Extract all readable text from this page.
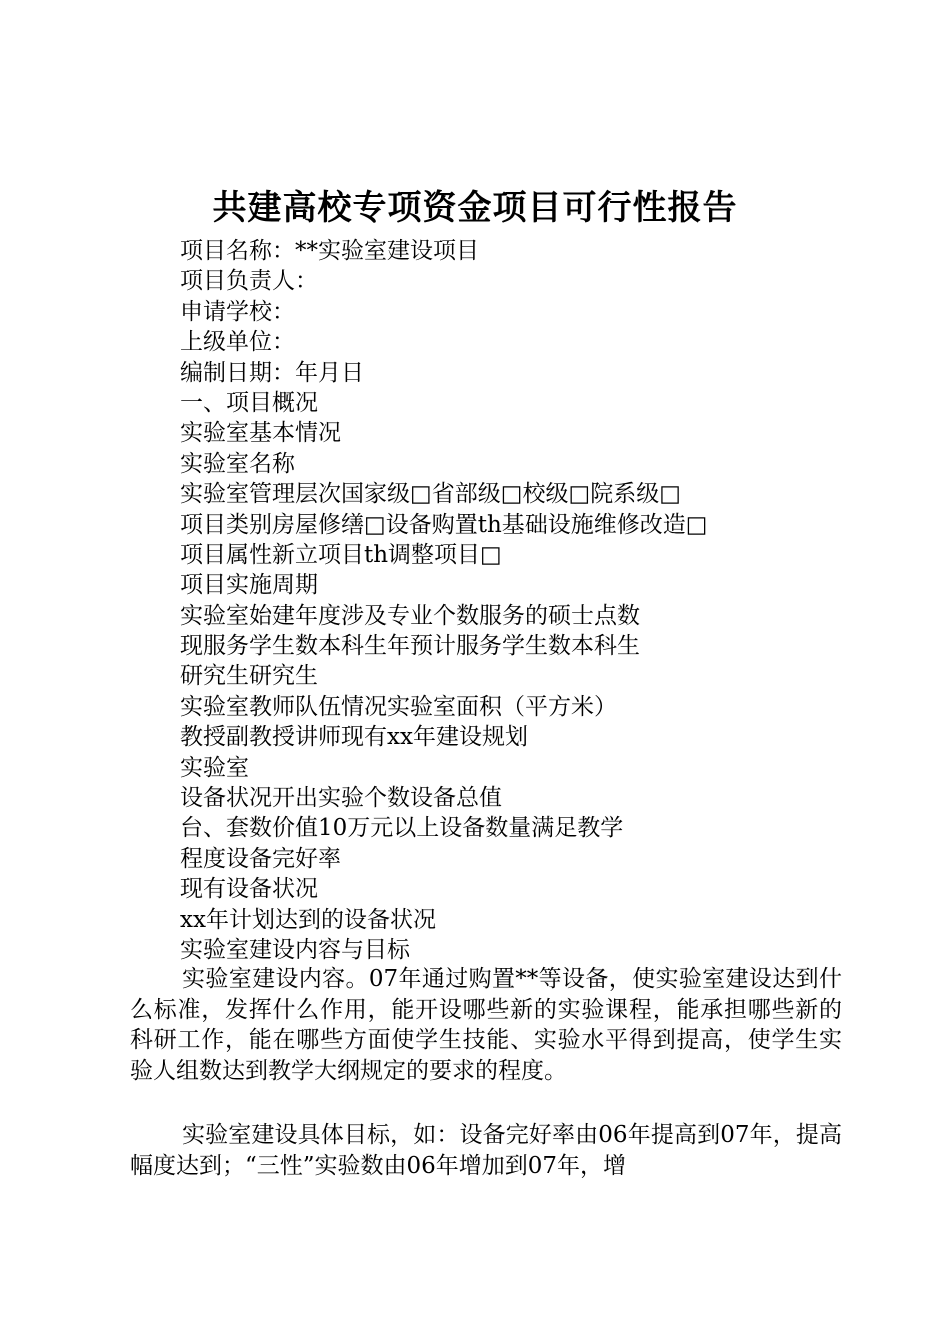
共建高校专项资金项目可行性报告
项目名称：**实验室建设项目
项目负责人：
申请学校：
上级单位：
编制日期：年月日
一、项目概况
实验室基本情况
实验室名称
实验室管理层次国家级□省部级□校级□院系级□
项目类别房屋修缮□设备购置th基础设施维修改造□
项目属性新立项目th调整项目□
项目实施周期
实验室始建年度涉及专业个数服务的硕士点数
现服务学生数本科生年预计服务学生数本科生
研究生研究生
实验室教师队伍情况实验室面积（平方米）
教授副教授讲师现有xx年建设规划
实验室
设备状况开出实验个数设备总值
台、套数价值10万元以上设备数量满足教学
程度设备完好率
现有设备状况
xx年计划达到的设备状况
实验室建设内容与目标

实验室建设内容。07年通过购置**等设备，使实验室建设达到什么标准，发挥什么作用，能开设哪些新的实验课程，能承担哪些新的科研工作，能在哪些方面使学生技能、实验水平得到提高，使学生实验人组数达到教学大纲规定的要求的程度。

实验室建设具体目标，如：设备完好率由06年提高到07年，提高幅度达到；“三性”实验数由06年增加到07年，增
